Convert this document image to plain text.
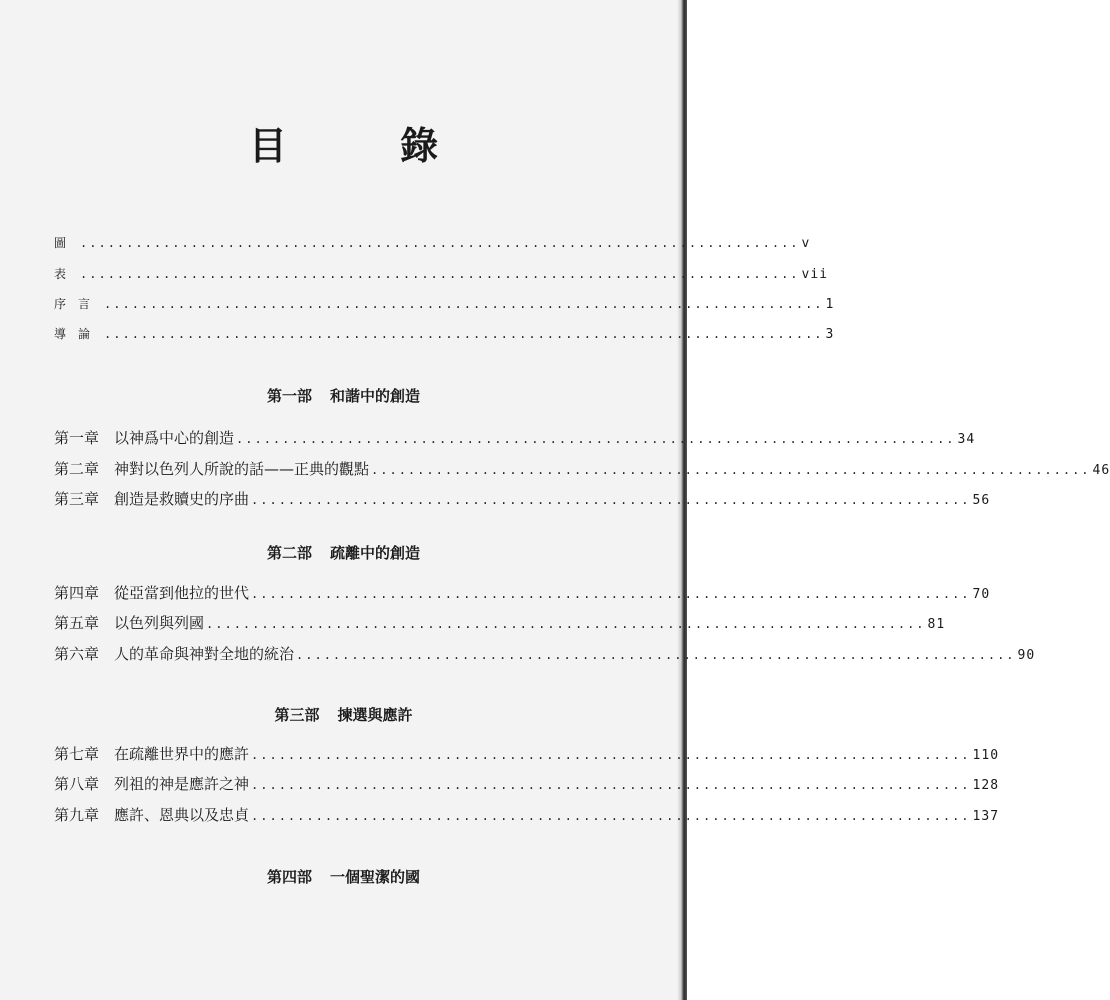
目 錄
圖 .............................................................................. v
表 .............................................................................. vii
序言 .............................................................................. 1
導論 .............................................................................. 3
第一部 和諧中的創造
第一章 以神爲中心的創造 .............................................................................. 34
第二章 神對以色列人所說的話——正典的觀點 .............................................................................. 46
第三章 創造是救贖史的序曲 .............................................................................. 56
第二部 疏離中的創造
第四章 從亞當到他拉的世代 .............................................................................. 70
第五章 以色列與列國 .............................................................................. 81
第六章 人的革命與神對全地的統治 .............................................................................. 90
第三部 揀選與應許
第七章 在疏離世界中的應許 .............................................................................. 110
第八章 列祖的神是應許之神 .............................................................................. 128
第九章 應許、恩典以及忠貞 .............................................................................. 137
第四部 一個聖潔的國
